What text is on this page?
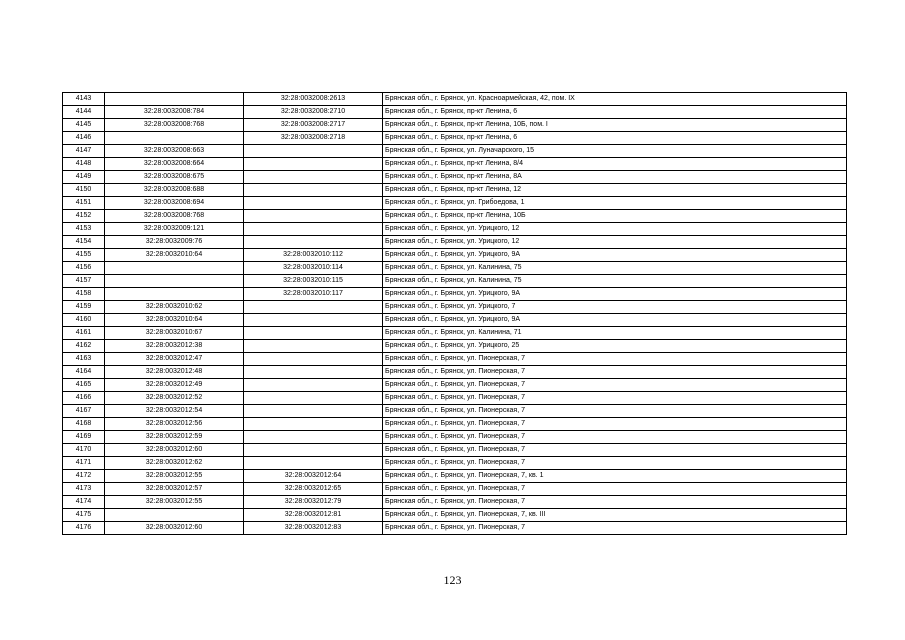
4143		32:28:0032008:2613	Брянская обл., г. Брянск, ул. Красноармейская, 42, пом. IX
4144	32:28:0032008:784	32:28:0032008:2710	Брянская обл., г. Брянск, пр-кт Ленина, 6
4145	32:28:0032008:768	32:28:0032008:2717	Брянская обл., г. Брянск, пр-кт Ленина, 10Б, пом. I
4146		32:28:0032008:2718	Брянская обл., г. Брянск, пр-кт Ленина, 6
4147	32:28:0032008:663		Брянская обл., г. Брянск, ул. Луначарского, 15
4148	32:28:0032008:664		Брянская обл., г. Брянск, пр-кт Ленина, 8/4
4149	32:28:0032008:675		Брянская обл., г. Брянск, пр-кт Ленина, 8А
4150	32:28:0032008:688		Брянская обл., г. Брянск, пр-кт Ленина, 12
4151	32:28:0032008:694		Брянская обл., г. Брянск, ул. Грибоедова, 1
4152	32:28:0032008:768		Брянская обл., г. Брянск, пр-кт Ленина, 10Б
4153	32:28:0032009:121		Брянская обл., г. Брянск, ул. Урицкого, 12
4154	32:28:0032009:76		Брянская обл., г. Брянск, ул. Урицкого, 12
4155	32:28:0032010:64	32:28:0032010:112	Брянская обл., г. Брянск, ул. Урицкого, 9А
4156		32:28:0032010:114	Брянская обл., г. Брянск, ул. Калинина, 75
4157		32:28:0032010:115	Брянская обл., г. Брянск, ул. Калинина, 75
4158		32:28:0032010:117	Брянская обл., г. Брянск, ул. Урицкого, 9А
4159	32:28:0032010:62		Брянская обл., г. Брянск, ул. Урицкого, 7
4160	32:28:0032010:64		Брянская обл., г. Брянск, ул. Урицкого, 9А
4161	32:28:0032010:67		Брянская обл., г. Брянск, ул. Калинина, 71
4162	32:28:0032012:38		Брянская обл., г. Брянск, ул. Урицкого, 25
4163	32:28:0032012:47		Брянская обл., г. Брянск, ул. Пионерская, 7
4164	32:28:0032012:48		Брянская обл., г. Брянск, ул. Пионерская, 7
4165	32:28:0032012:49		Брянская обл., г. Брянск, ул. Пионерская, 7
4166	32:28:0032012:52		Брянская обл., г. Брянск, ул. Пионерская, 7
4167	32:28:0032012:54		Брянская обл., г. Брянск, ул. Пионерская, 7
4168	32:28:0032012:56		Брянская обл., г. Брянск, ул. Пионерская, 7
4169	32:28:0032012:59		Брянская обл., г. Брянск, ул. Пионерская, 7
4170	32:28:0032012:60		Брянская обл., г. Брянск, ул. Пионерская, 7
4171	32:28:0032012:62		Брянская обл., г. Брянск, ул. Пионерская, 7
4172	32:28:0032012:55	32:28:0032012:64	Брянская обл., г. Брянск, ул. Пионерская, 7, кв. 1
4173	32:28:0032012:57	32:28:0032012:65	Брянская обл., г. Брянск, ул. Пионерская, 7
4174	32:28:0032012:55	32:28:0032012:79	Брянская обл., г. Брянск, ул. Пионерская, 7
4175		32:28:0032012:81	Брянская обл., г. Брянск, ул. Пионерская, 7, кв. III
4176	32:28:0032012:60	32:28:0032012:83	Брянская обл., г. Брянск, ул. Пионерская, 7
123
